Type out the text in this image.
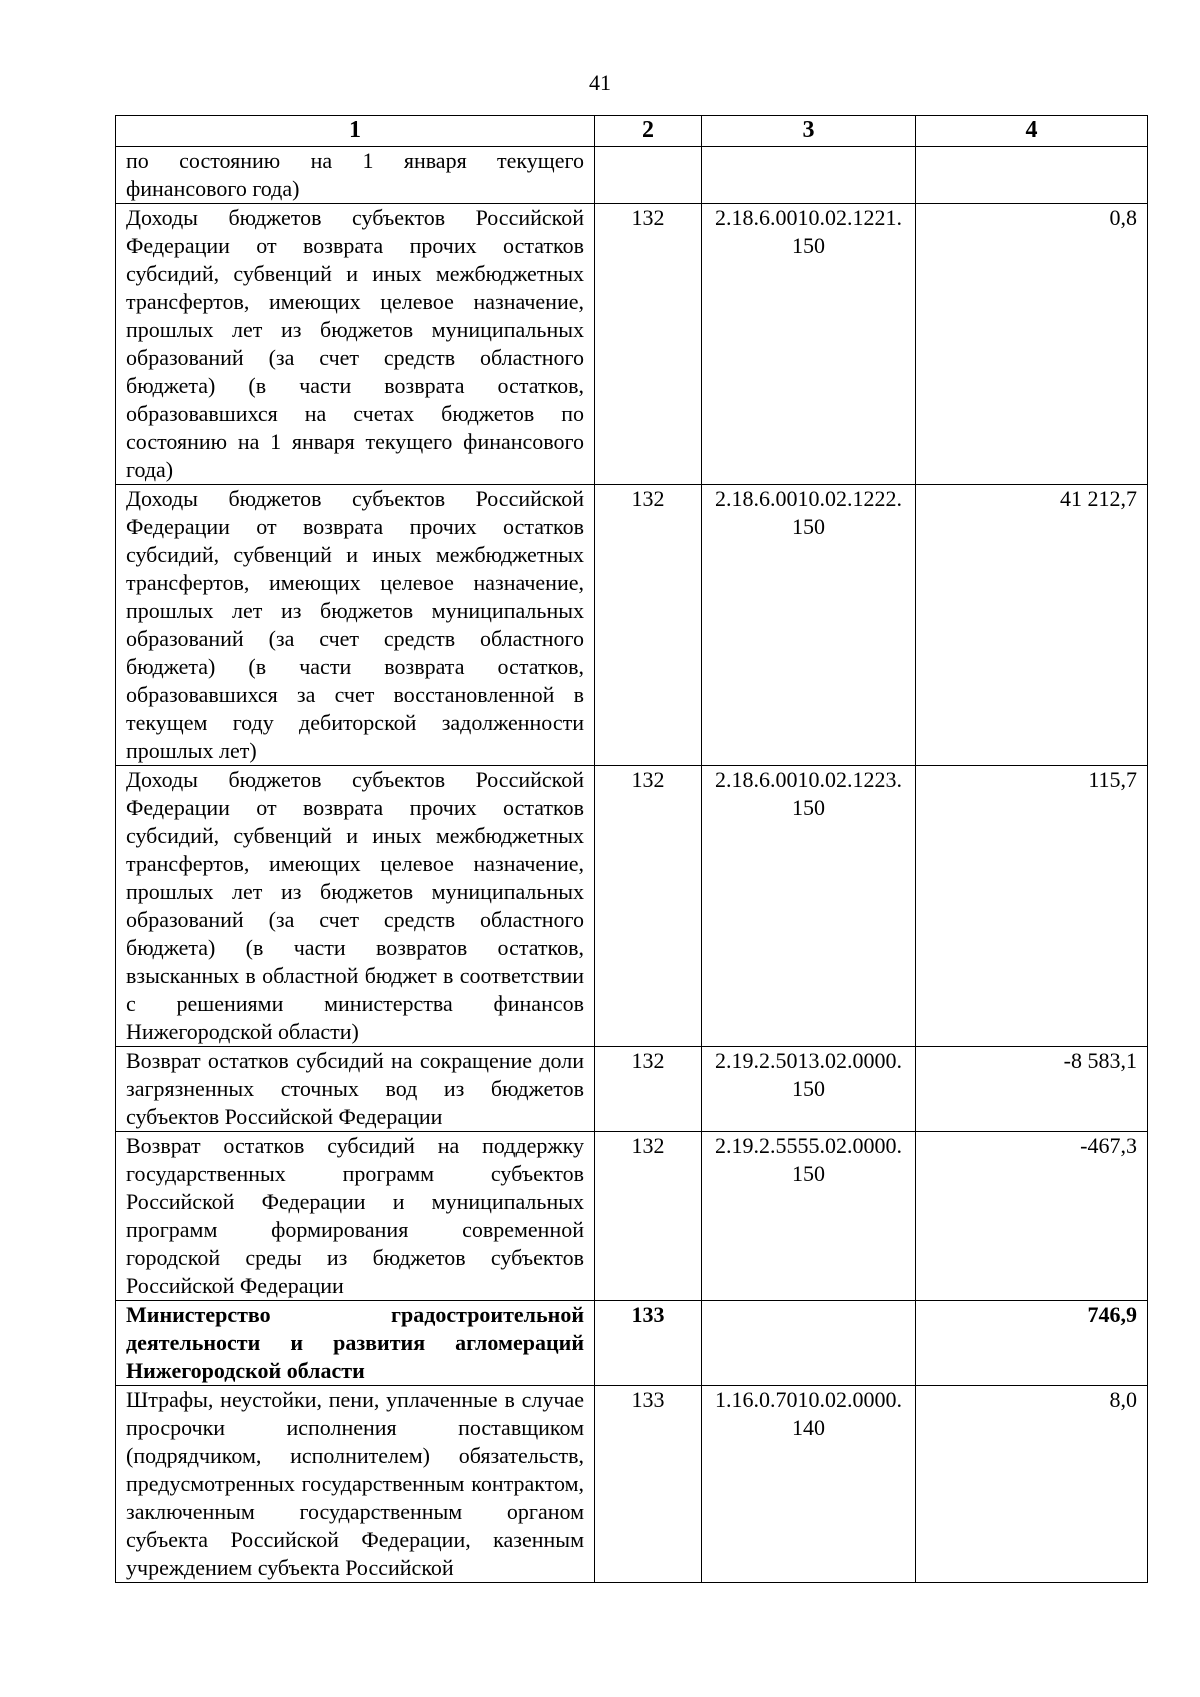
41
1	2	3	4
по состоянию на 1 января текущего финансового года)			
Доходы бюджетов субъектов Российской Федерации от возврата прочих остатков субсидий, субвенций и иных межбюджетных трансфертов, имеющих целевое назначение, прошлых лет из бюджетов муниципальных образований (за счет средств областного бюджета) (в части возврата остатков, образовавшихся на счетах бюджетов по состоянию на 1 января текущего финансового года)	132	2.18.6.0010.02.1221.150	0,8
Доходы бюджетов субъектов Российской Федерации от возврата прочих остатков субсидий, субвенций и иных межбюджетных трансфертов, имеющих целевое назначение, прошлых лет из бюджетов муниципальных образований (за счет средств областного бюджета) (в части возврата остатков, образовавшихся за счет восстановленной в текущем году дебиторской задолженности прошлых лет)	132	2.18.6.0010.02.1222.150	41 212,7
Доходы бюджетов субъектов Российской Федерации от возврата прочих остатков субсидий, субвенций и иных межбюджетных трансфертов, имеющих целевое назначение, прошлых лет из бюджетов муниципальных образований (за счет средств областного бюджета) (в части возвратов остатков, взысканных в областной бюджет в соответствии с решениями министерства финансов Нижегородской области)	132	2.18.6.0010.02.1223.150	115,7
Возврат остатков субсидий на сокращение доли загрязненных сточных вод из бюджетов субъектов Российской Федерации	132	2.19.2.5013.02.0000.150	-8 583,1
Возврат остатков субсидий на поддержку государственных программ субъектов Российской Федерации и муниципальных программ формирования современной городской среды из бюджетов субъектов Российской Федерации	132	2.19.2.5555.02.0000.150	-467,3
Министерство градостроительной деятельности и развития агломераций Нижегородской области	133		746,9
Штрафы, неустойки, пени, уплаченные в случае просрочки исполнения поставщиком (подрядчиком, исполнителем) обязательств, предусмотренных государственным контрактом, заключенным государственным органом субъекта Российской Федерации, казенным учреждением субъекта Российской	133	1.16.0.7010.02.0000.140	8,0
